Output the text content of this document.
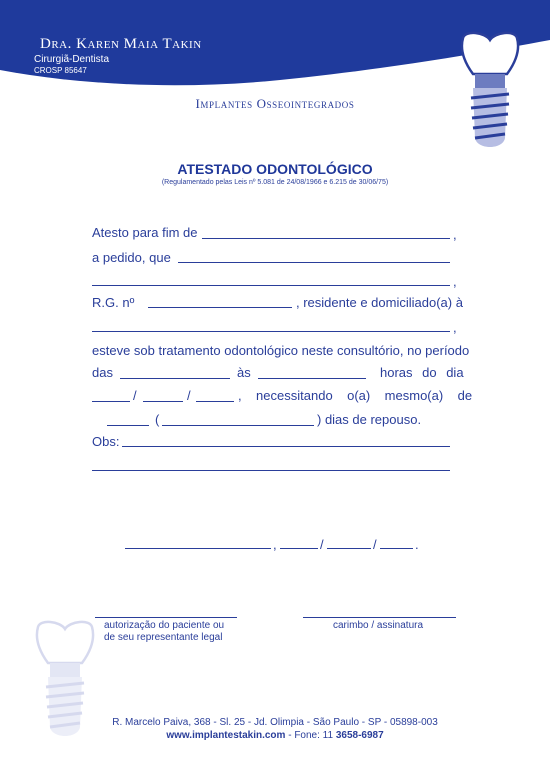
Dra. Karen Maia Takin
Cirurgiã-Dentista
CROSP 85647
Implantes Osseointegrados
ATESTADO ODONTOLÓGICO
(Regulamentado pelas Leis nº 5.081 de 24/08/1966 e 6.215 de 30/06/75)
Atesto para fim de	,
a pedido, que
,
R.G. nº	, residente e domiciliado(a) à
,
esteve sob tratamento odontológico neste consultório, no período
das	às	horas do dia
/	/	,    necessitando    o(a)    mesmo(a)    de
(	) dias de repouso.
Obs:
,	/	/	.
autorização do paciente ou
de seu representante legal
carimbo / assinatura
R. Marcelo Paiva, 368 - Sl. 25 - Jd. Olimpia - São Paulo - SP - 05898-003
www.implantestakin.com - Fone: 11 3658-6987
